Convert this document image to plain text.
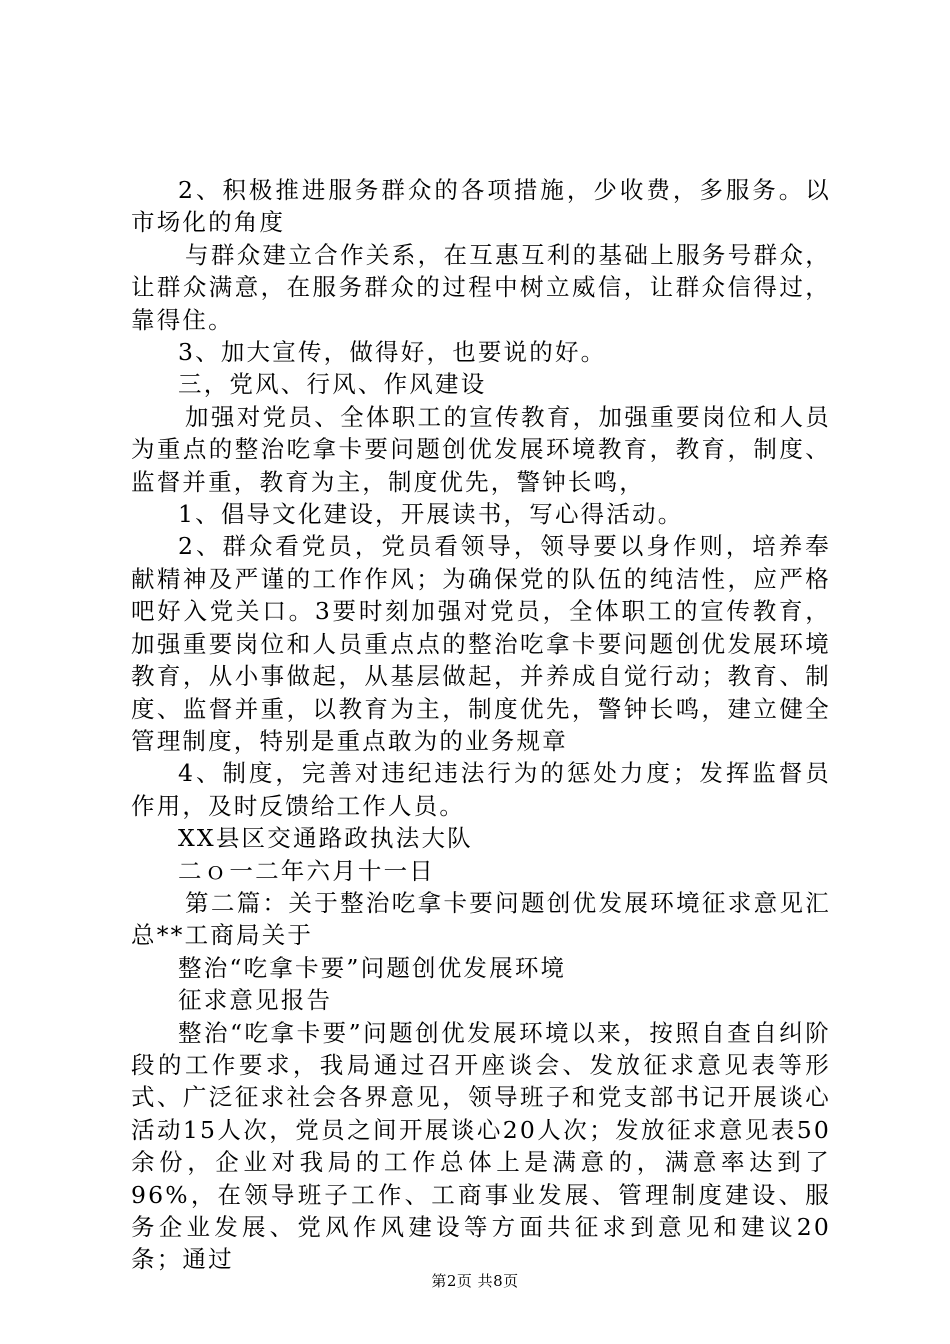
2、积极推进服务群众的各项措施，少收费，多服务。以市场化的角度

与群众建立合作关系，在互惠互利的基础上服务号群众，让群众满意，在服务群众的过程中树立威信，让群众信得过，靠得住。

3、加大宣传，做得好，也要说的好。

三，党风、行风、作风建设

加强对党员、全体职工的宣传教育，加强重要岗位和人员为重点的整治吃拿卡要问题创优发展环境教育，教育，制度、监督并重，教育为主，制度优先，警钟长鸣，

1、倡导文化建设，开展读书，写心得活动。

2、群众看党员，党员看领导，领导要以身作则，培养奉献精神及严谨的工作作风；为确保党的队伍的纯洁性，应严格吧好入党关口。3要时刻加强对党员，全体职工的宣传教育，加强重要岗位和人员重点点的整治吃拿卡要问题创优发展环境教育，从小事做起，从基层做起，并养成自觉行动；教育、制度、监督并重，以教育为主，制度优先，警钟长鸣，建立健全管理制度，特别是重点敢为的业务规章

4、制度，完善对违纪违法行为的惩处力度；发挥监督员作用，及时反馈给工作人员。

XX县区交通路政执法大队

二ｏ一二年六月十一日

第二篇：关于整治吃拿卡要问题创优发展环境征求意见汇总**工商局关于

整治“吃拿卡要”问题创优发展环境

征求意见报告

整治“吃拿卡要”问题创优发展环境以来，按照自查自纠阶段的工作要求，我局通过召开座谈会、发放征求意见表等形式、广泛征求社会各界意见，领导班子和党支部书记开展谈心活动15人次，党员之间开展谈心20人次；发放征求意见表50余份，企业对我局的工作总体上是满意的，满意率达到了96%，在领导班子工作、工商事业发展、管理制度建设、服务企业发展、党风作风建设等方面共征求到意见和建议20条；通过

第2页 共8页
